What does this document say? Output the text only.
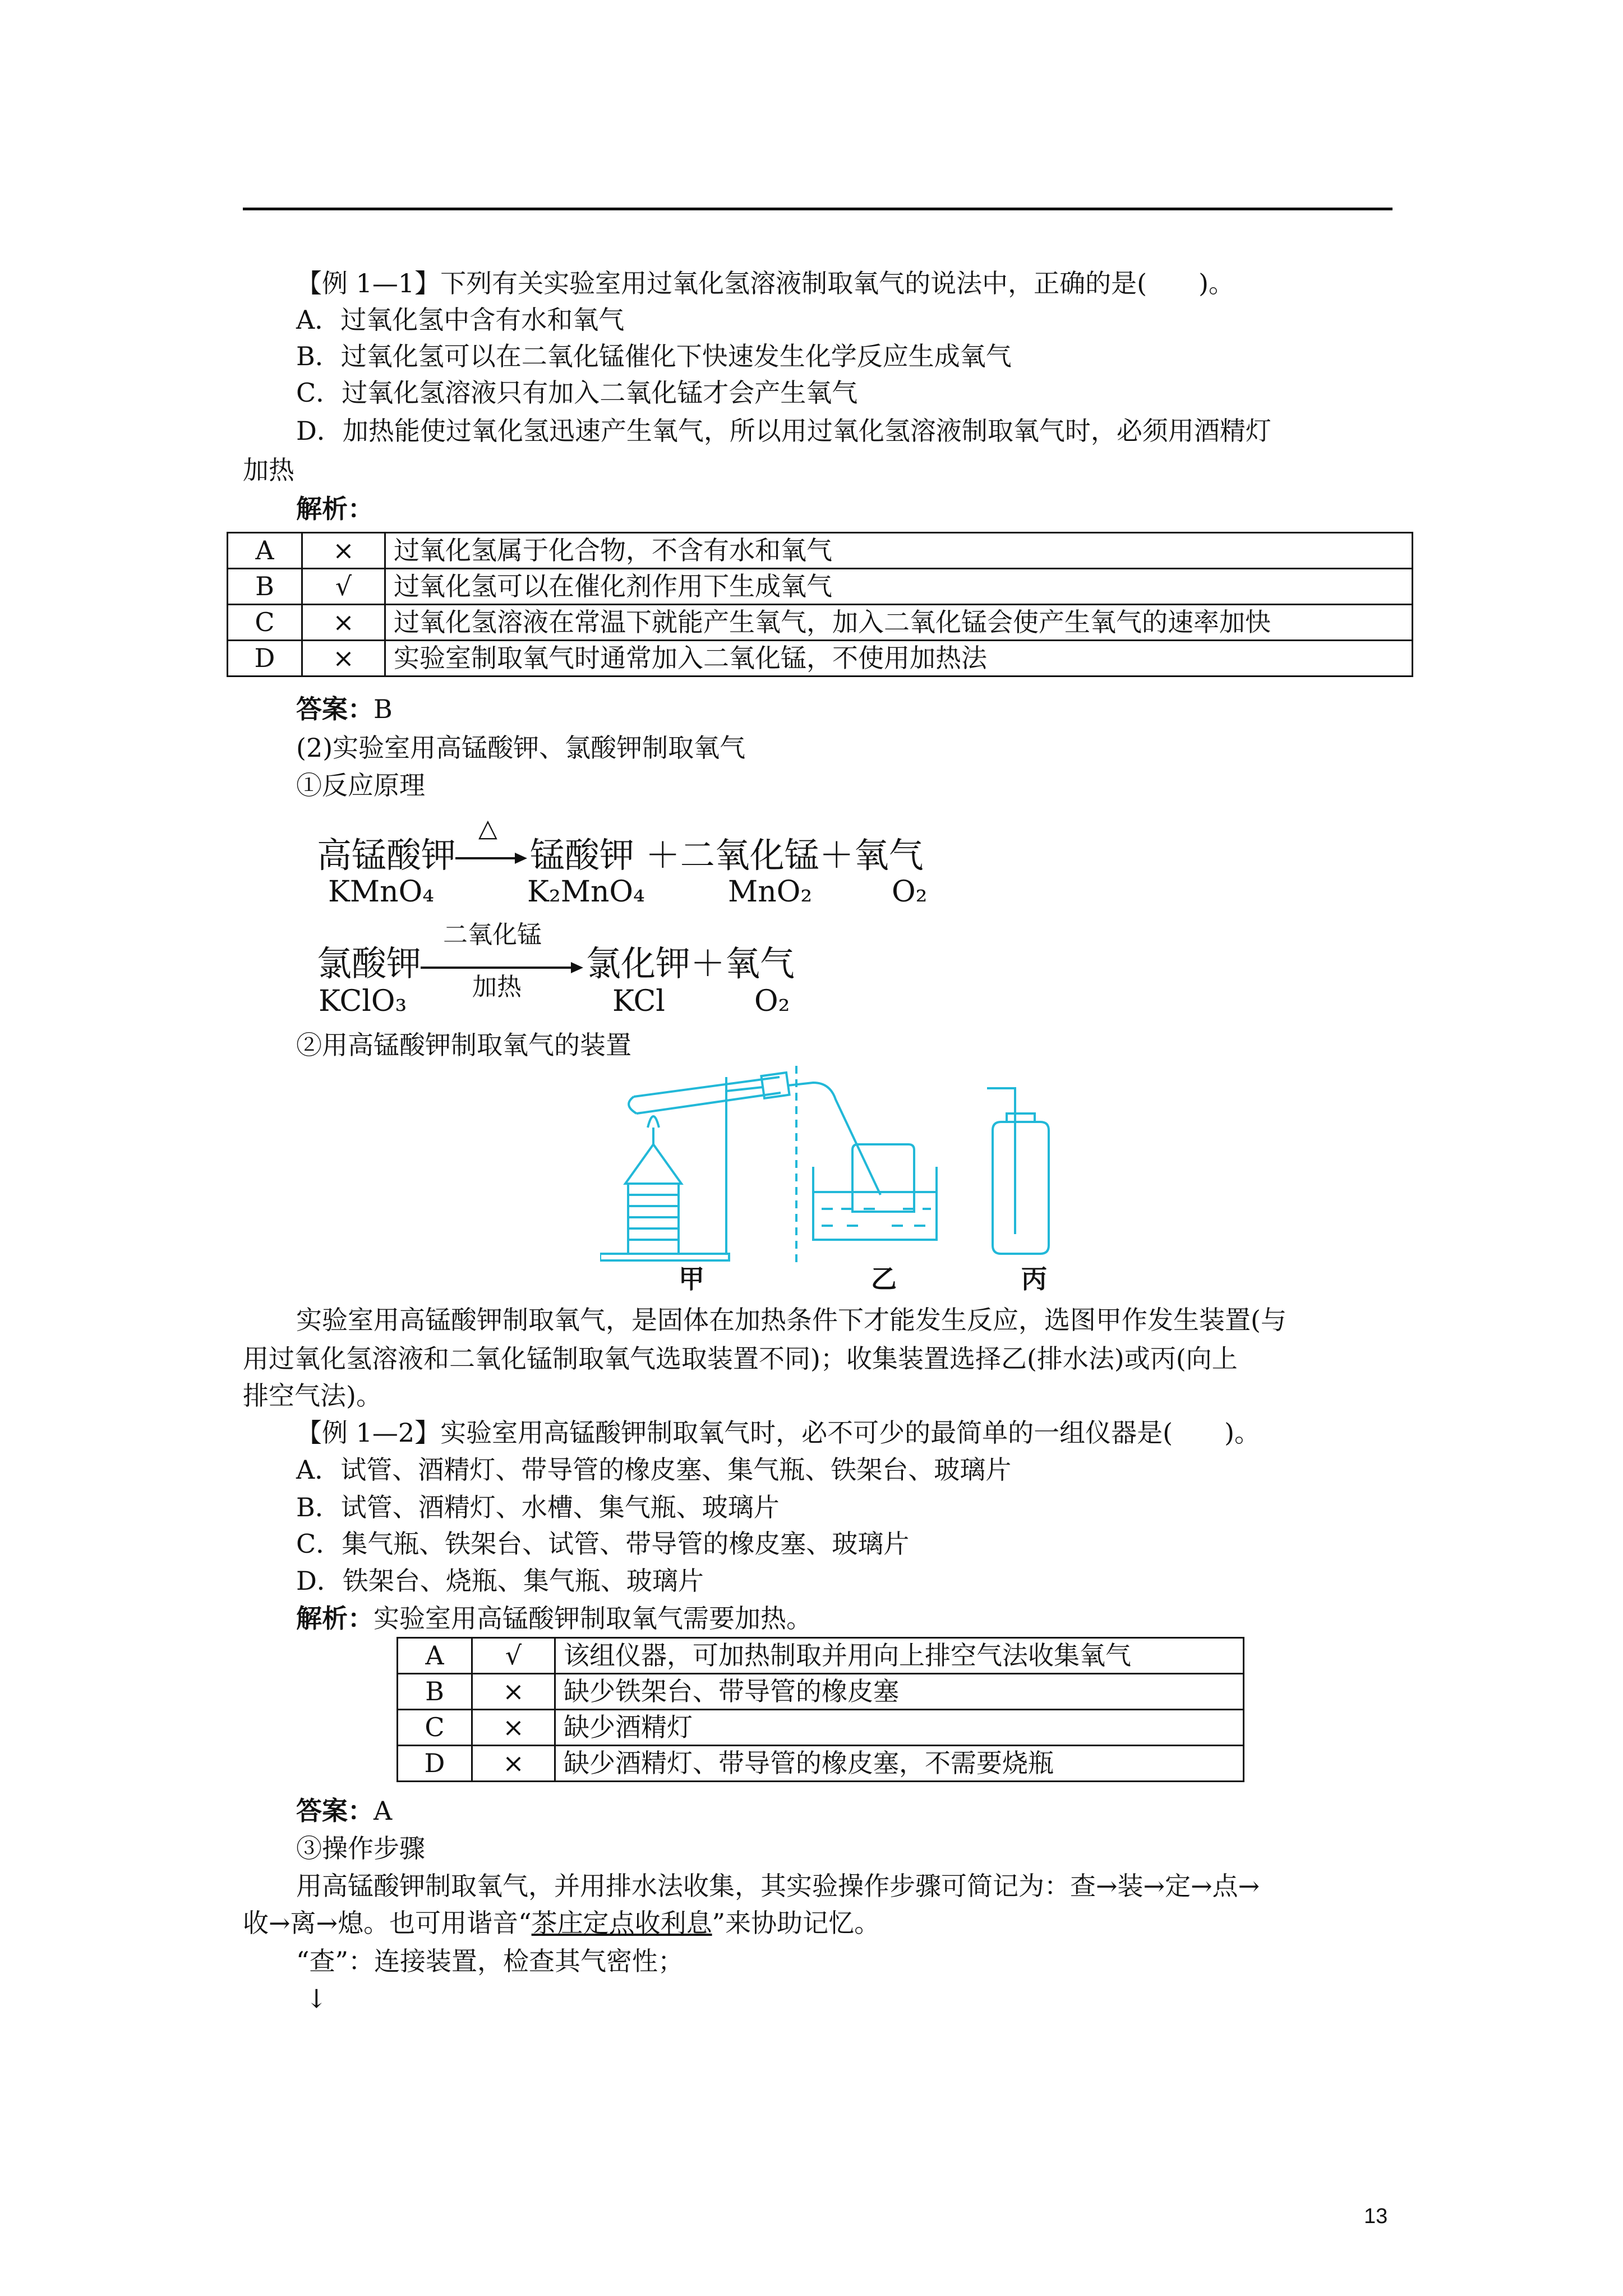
【例 1—1】下列有关实验室用过氧化氢溶液制取氧气的说法中，正确的是(　　)。
A．过氧化氢中含有水和氧气
B．过氧化氢可以在二氧化锰催化下快速发生化学反应生成氧气
C．过氧化氢溶液只有加入二氧化锰才会产生氧气
D．加热能使过氧化氢迅速产生氧气，所以用过氧化氢溶液制取氧气时，必须用酒精灯
加热
解析：
A	×	过氧化氢属于化合物，不含有水和氧气
B	√	过氧化氢可以在催化剂作用下生成氧气
C	×	过氧化氢溶液在常温下就能产生氧气，加入二氧化锰会使产生氧气的速率加快
D	×	实验室制取氧气时通常加入二氧化锰，不使用加热法
答案：B
(2)实验室用高锰酸钾、氯酸钾制取氧气
①反应原理
高锰酸钾
△
锰酸钾 ＋二氧化锰＋氧气
KMnO₄	K₂MnO₄	MnO₂	O₂
氯酸钾
二氧化锰
加热
氯化钾＋氧气
KClO₃	KCl	O₂
②用高锰酸钾制取氧气的装置
甲	乙	丙
实验室用高锰酸钾制取氧气，是固体在加热条件下才能发生反应，选图甲作发生装置(与
用过氧化氢溶液和二氧化锰制取氧气选取装置不同)；收集装置选择乙(排水法)或丙(向上
排空气法)。
【例 1—2】实验室用高锰酸钾制取氧气时，必不可少的最简单的一组仪器是(　　)。
A．试管、酒精灯、带导管的橡皮塞、集气瓶、铁架台、玻璃片
B．试管、酒精灯、水槽、集气瓶、玻璃片
C．集气瓶、铁架台、试管、带导管的橡皮塞、玻璃片
D．铁架台、烧瓶、集气瓶、玻璃片
解析：实验室用高锰酸钾制取氧气需要加热。
A	√	该组仪器，可加热制取并用向上排空气法收集氧气
B	×	缺少铁架台、带导管的橡皮塞
C	×	缺少酒精灯
D	×	缺少酒精灯、带导管的橡皮塞，不需要烧瓶
答案：A
③操作步骤
用高锰酸钾制取氧气，并用排水法收集，其实验操作步骤可简记为：查→装→定→点→
收→离→熄。也可用谐音“茶庄定点收利息”来协助记忆。
“查”：连接装置，检查其气密性；
↓
13
